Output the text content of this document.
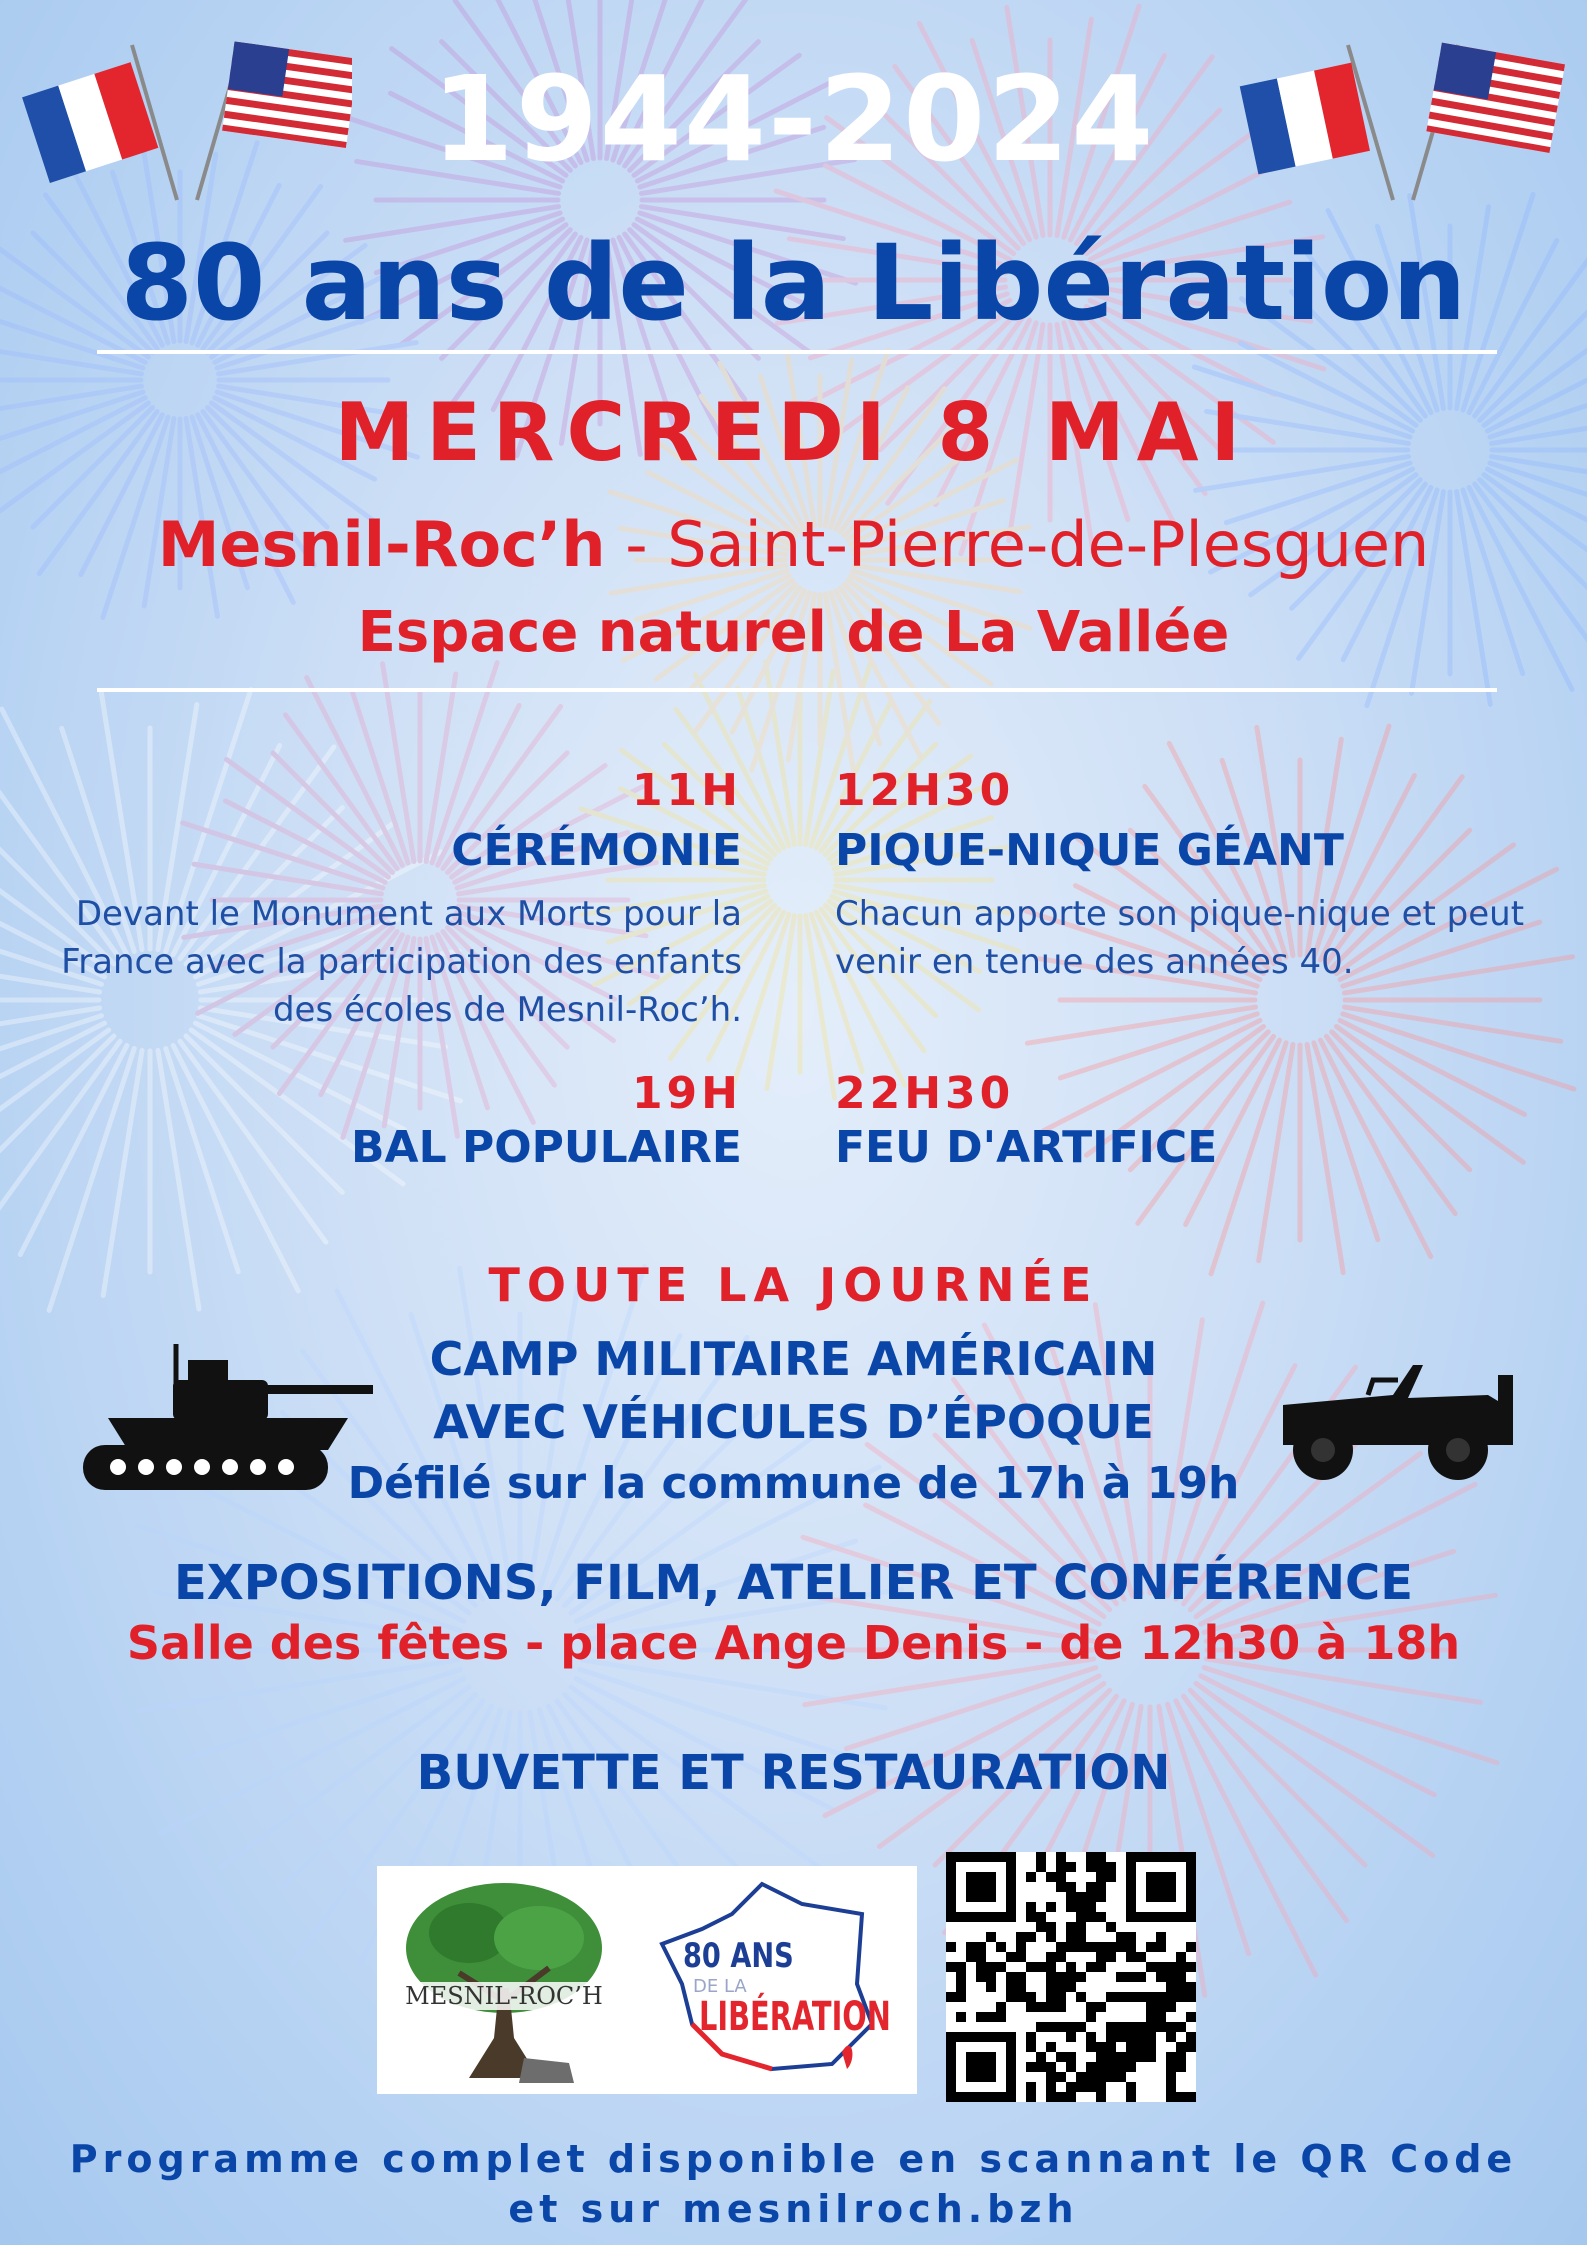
1944-2024
80 ans de la Libération
MERCREDI 8 MAI
Mesnil-Roc’h - Saint-Pierre-de-Plesguen
Espace naturel de La Vallée
11H
CÉRÉMONIE
Devant le Monument aux Morts pour la France avec la participation des enfants des écoles de Mesnil-Roc’h.
19H
BAL POPULAIRE
12H30
PIQUE-NIQUE GÉANT
Chacun apporte son pique-nique et peut venir en tenue des années 40.
22H30
FEU D'ARTIFICE
TOUTE LA JOURNÉE
CAMP MILITAIRE AMÉRICAIN
AVEC VÉHICULES D’ÉPOQUE
Défilé sur la commune de 17h à 19h
EXPOSITIONS, FILM, ATELIER ET CONFÉRENCE
Salle des fêtes - place Ange Denis - de 12h30 à 18h
BUVETTE ET RESTAURATION
MESNIL-ROC’H
80 ANS
DE LA
LIBÉRATION
Programme complet disponible en scannant le QR Code
et sur mesnilroch.bzh
